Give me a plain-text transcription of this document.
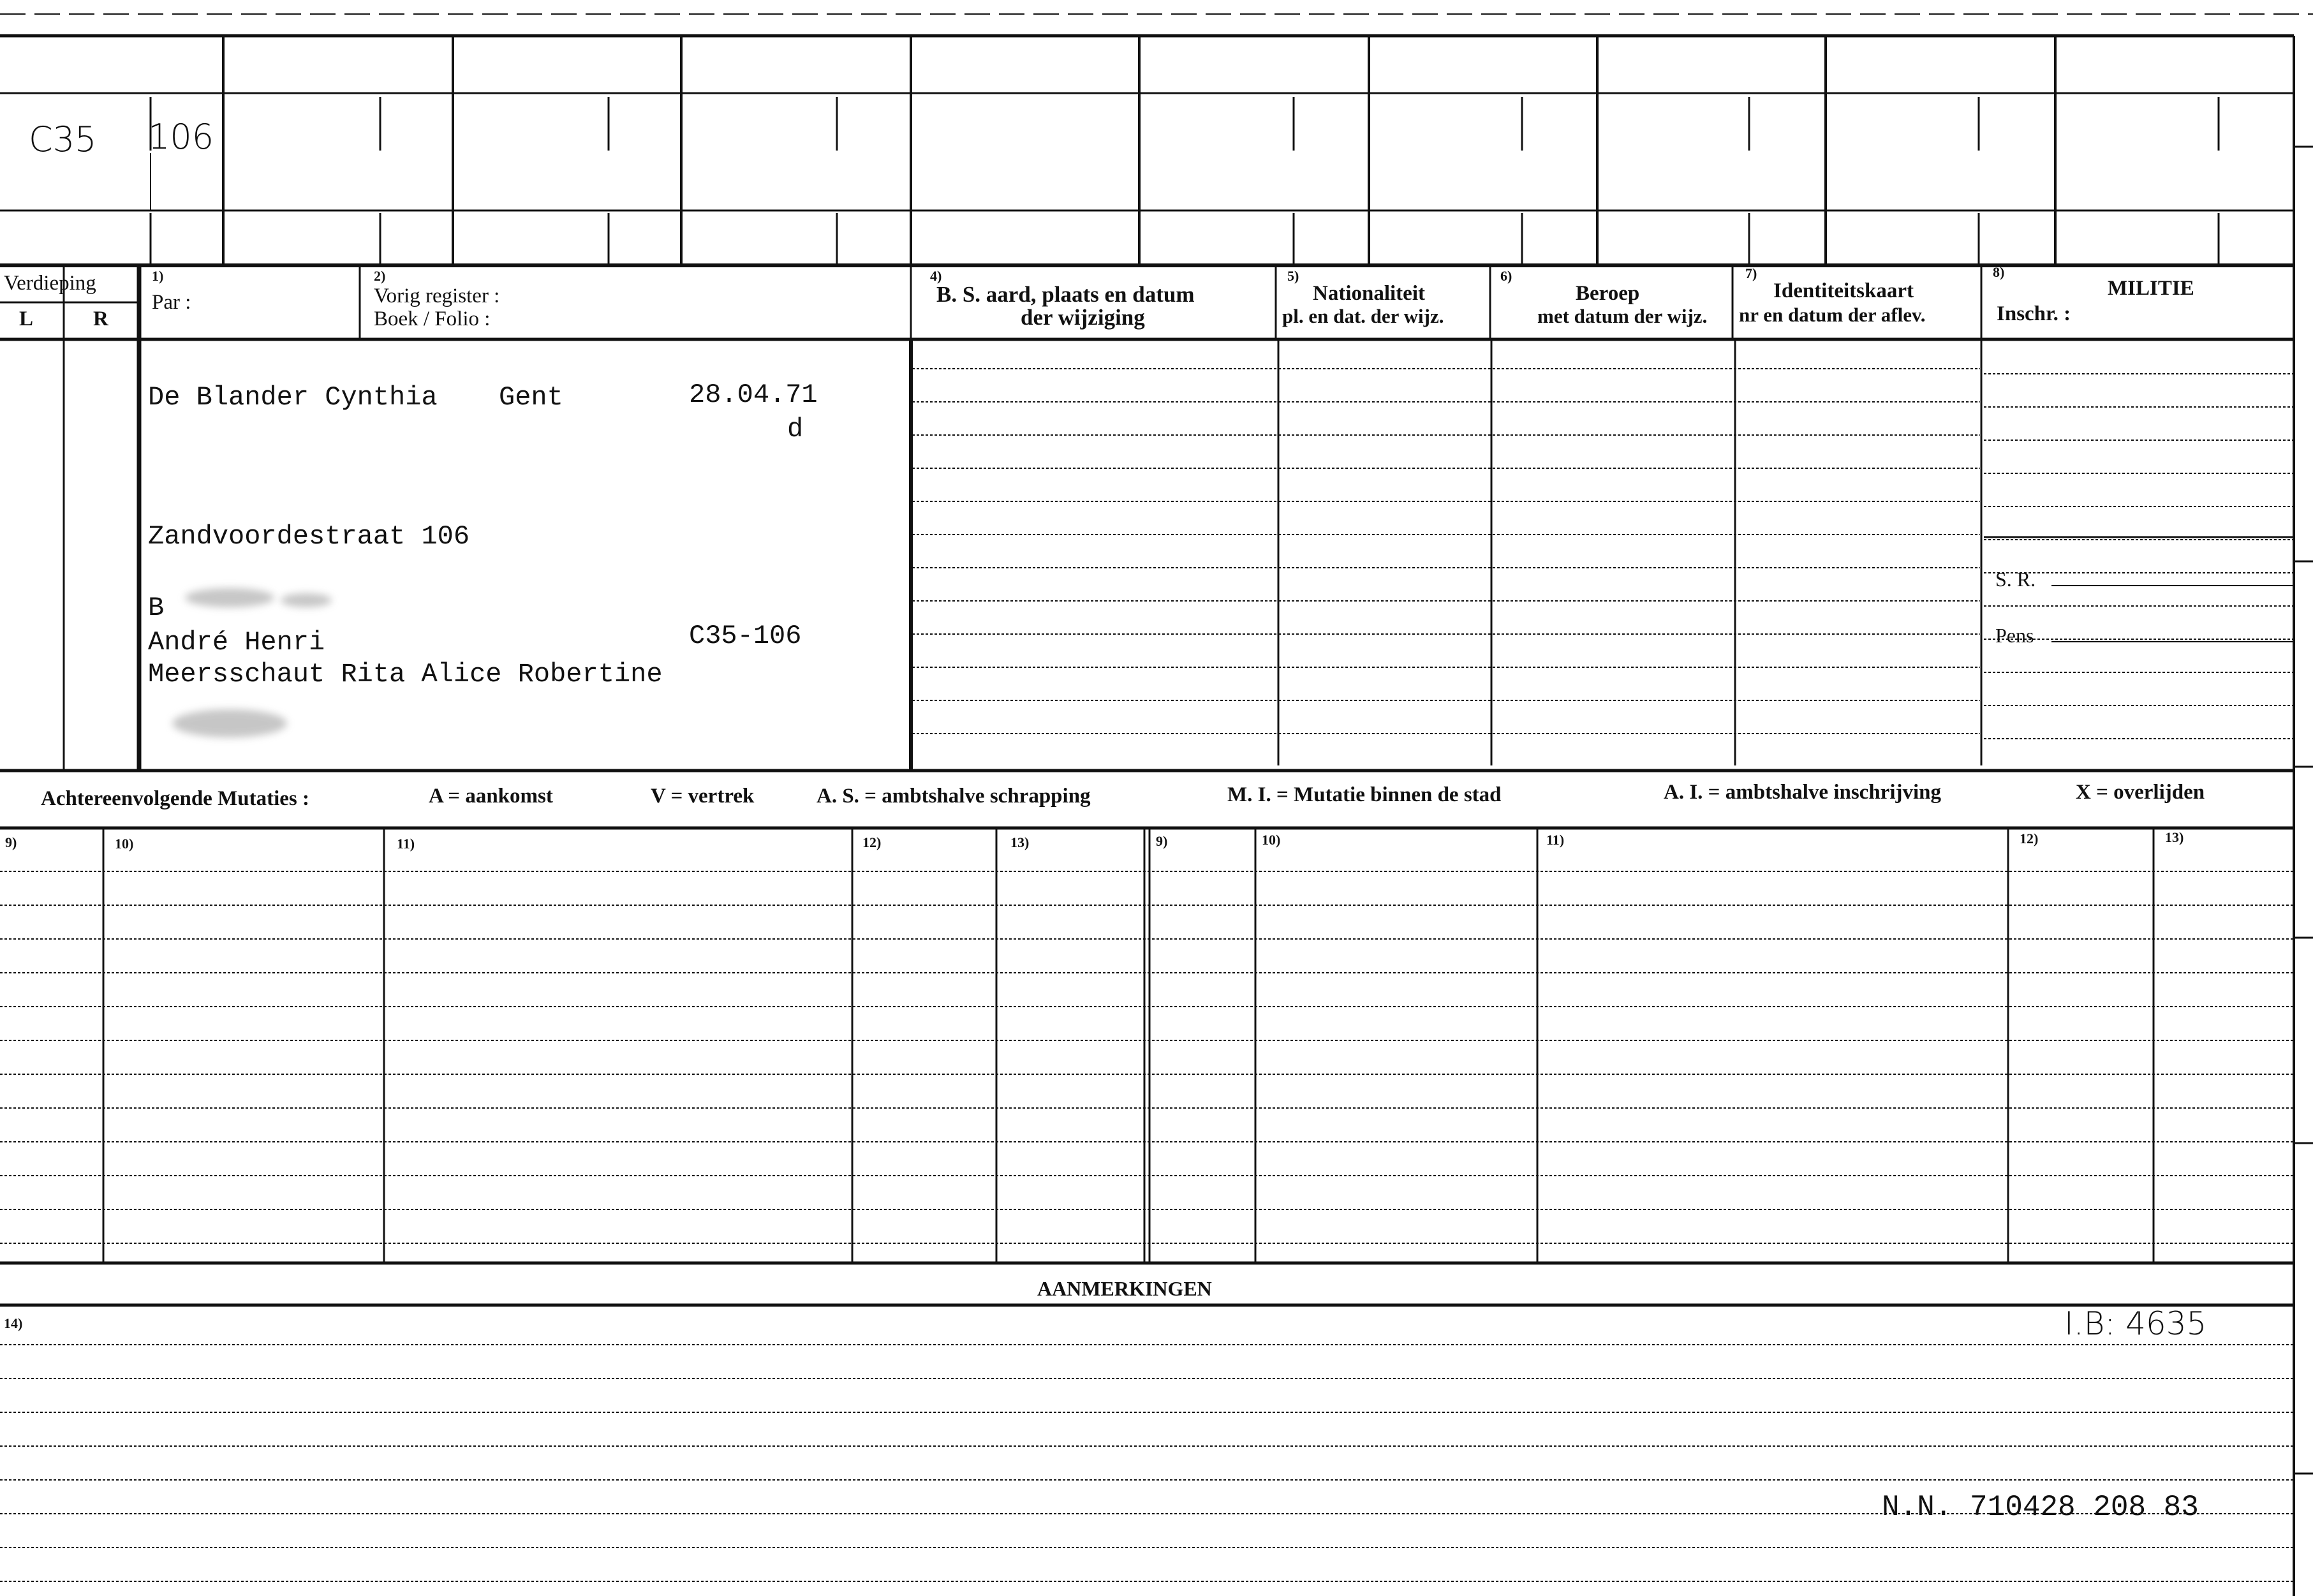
C35 106
Verdieping
L	R
1)
Par :
2)
Vorig register :
Boek / Folio :
4)
B. S. aard, plaats en datum
der wijziging
5)
Nationaliteit
pl. en dat. der wijz.
6)
Beroep
met datum der wijz.
7)
Identiteitskaart
nr en datum der aflev.
8)
MILITIE
Inschr. :
S. R.
Pens
De Blander Cynthia Gent	28.04.71
d
Zandvoordestraat 106
B
André Henri	C35-106
Meersschaut Rita Alice Robertine
Achtereenvolgende Mutaties :	A = aankomst	V = vertrek	A. S. = ambtshalve schrapping	M. I. = Mutatie binnen de stad	A. I. = ambtshalve inschrijving	X = overlijden
9)	10)	11)	12)	13)	9)	10)	11)	12)	13)
AANMERKINGEN
14)	I.B: 4635
N.N. 710428 208 83
